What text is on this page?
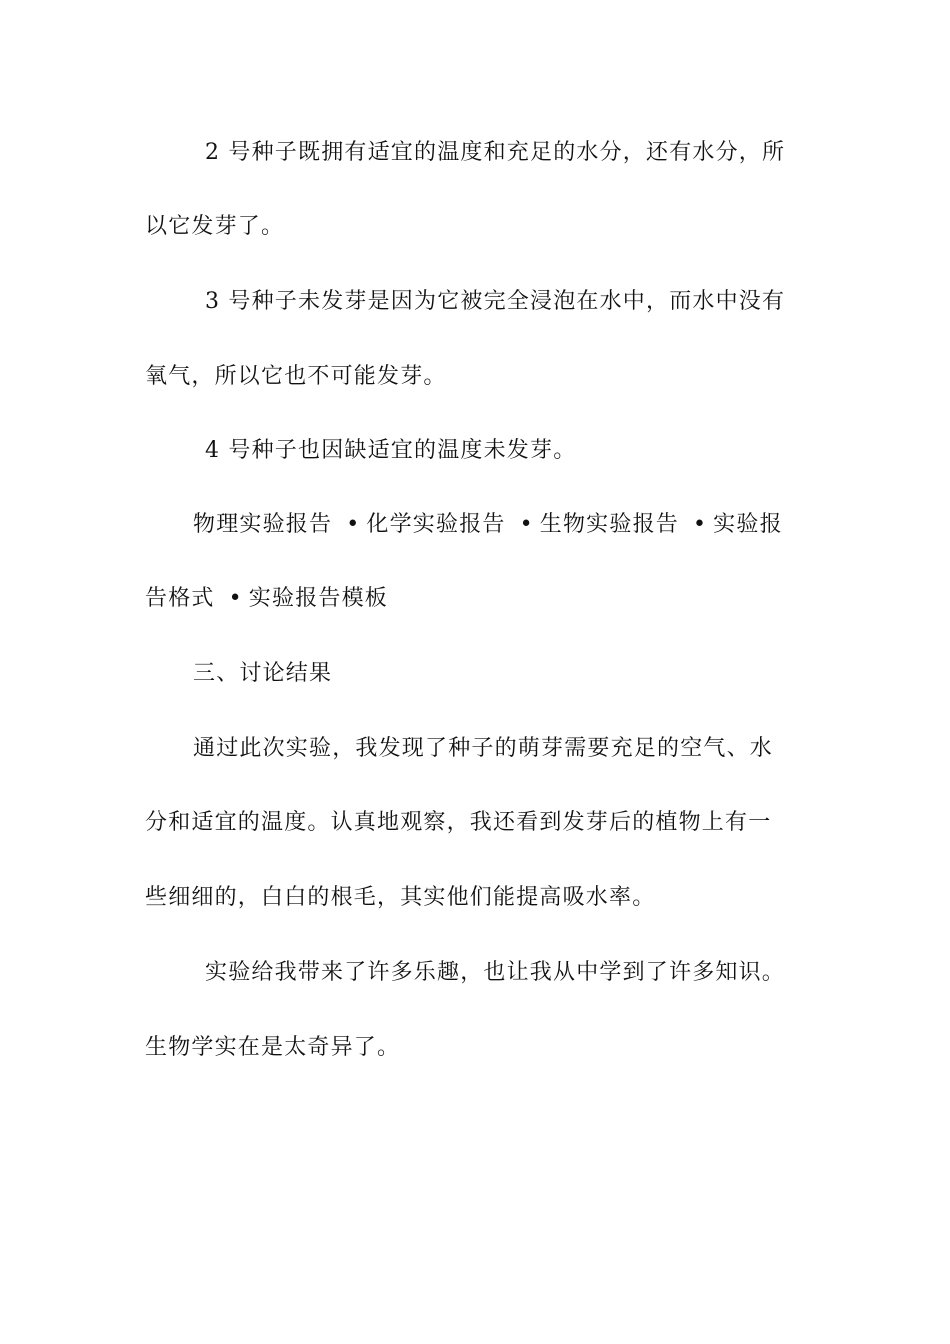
2 号种子既拥有适宜的温度和充足的水分，还有水分，所
以它发芽了。
3 号种子未发芽是因为它被完全浸泡在水中，而水中没有
氧气，所以它也不可能发芽。
4 号种子也因缺适宜的温度未发芽。
物理实验报告 • 化学实验报告 • 生物实验报告 • 实验报
告格式 • 实验报告模板
三、讨论结果
通过此次实验，我发现了种子的萌芽需要充足的空气、水
分和适宜的温度。认真地观察，我还看到发芽后的植物上有一
些细细的，白白的根毛，其实他们能提高吸水率。
实验给我带来了许多乐趣，也让我从中学到了许多知识。
生物学实在是太奇异了。
